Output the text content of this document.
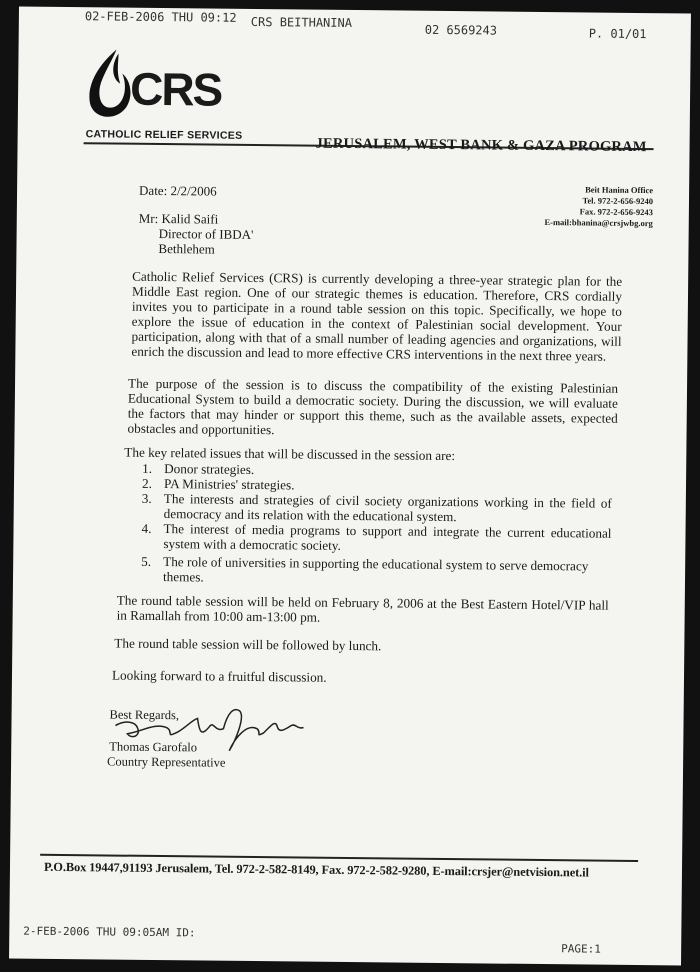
02-FEB-2006 THU 09:12 CRS BEITHANINA
02 6569243	P. 01/01
CRS
CATHOLIC RELIEF SERVICES
JERUSALEM, WEST BANK & GAZA PROGRAM
Beit Hanina Office
Tel. 972-2-656-9240
Fax. 972-2-656-9243
E-mail:bhanina@crsjwbg.org
Date: 2/2/2006
Mr: Kalid Saifi
Director of IBDA'
Bethlehem
Catholic Relief Services (CRS) is currently developing a three-year strategic plan for the Middle East region. One of our strategic themes is education. Therefore, CRS cordially invites you to participate in a round table session on this topic. Specifically, we hope to explore the issue of education in the context of Palestinian social development. Your participation, along with that of a small number of leading agencies and organizations, will enrich the discussion and lead to more effective CRS interventions in the next three years.
The purpose of the session is to discuss the compatibility of the existing Palestinian Educational System to build a democratic society. During the discussion, we will evaluate the factors that may hinder or support this theme, such as the available assets, expected obstacles and opportunities.
The key related issues that will be discussed in the session are:

1. Donor strategies.

2. PA Ministries' strategies.

3. The interests and strategies of civil society organizations working in the field of democracy and its relation with the educational system.

4. The interest of media programs to support and integrate the current educational system with a democratic society.

5. The role of universities in supporting the educational system to serve democracy themes.

The round table session will be held on February 8, 2006 at the Best Eastern Hotel/VIP hall in Ramallah from 10:00 am-13:00 pm.
The round table session will be followed by lunch.
Looking forward to a fruitful discussion.
Best Regards,
Thomas Garofalo
Country Representative
P.O.Box 19447,91193 Jerusalem, Tel. 972-2-582-8149, Fax. 972-2-582-9280, E-mail:crsjer@netvision.net.il
2-FEB-2006 THU 09:05AM ID:
PAGE:1
